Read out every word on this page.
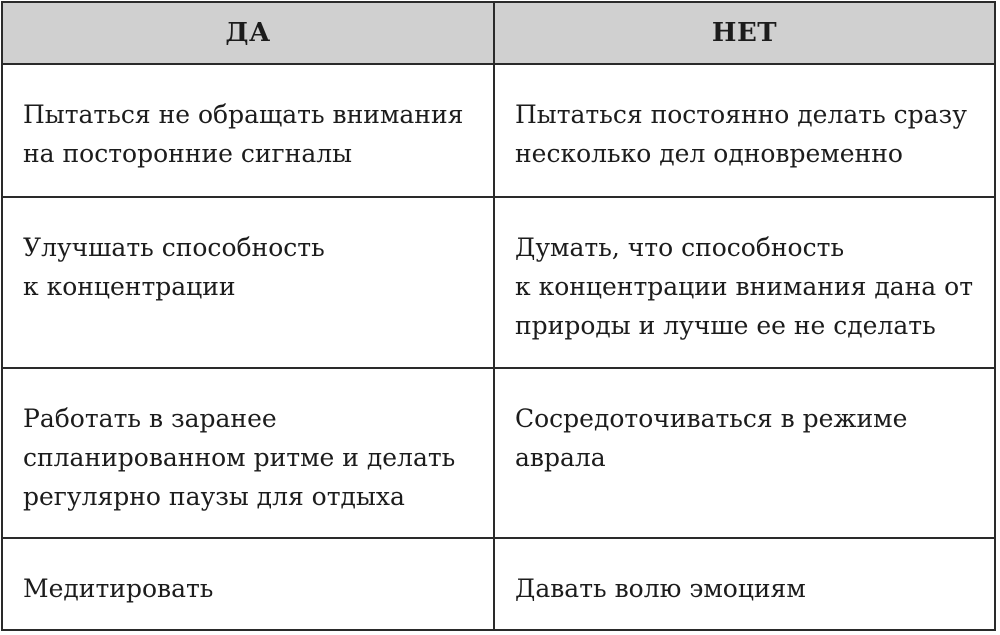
ДА	НЕТ
Пытаться не обращать внимания
на посторонние сигналы
Пытаться постоянно делать сразу
несколько дел одновременно
Улучшать способность
к концентрации
Думать, что способность
к концентрации внимания дана от
природы и лучше ее не сделать
Работать в заранее
спланированном ритме и делать
регулярно паузы для отдыха
Сосредоточиваться в режиме
аврала
Медитировать	Давать волю эмоциям
